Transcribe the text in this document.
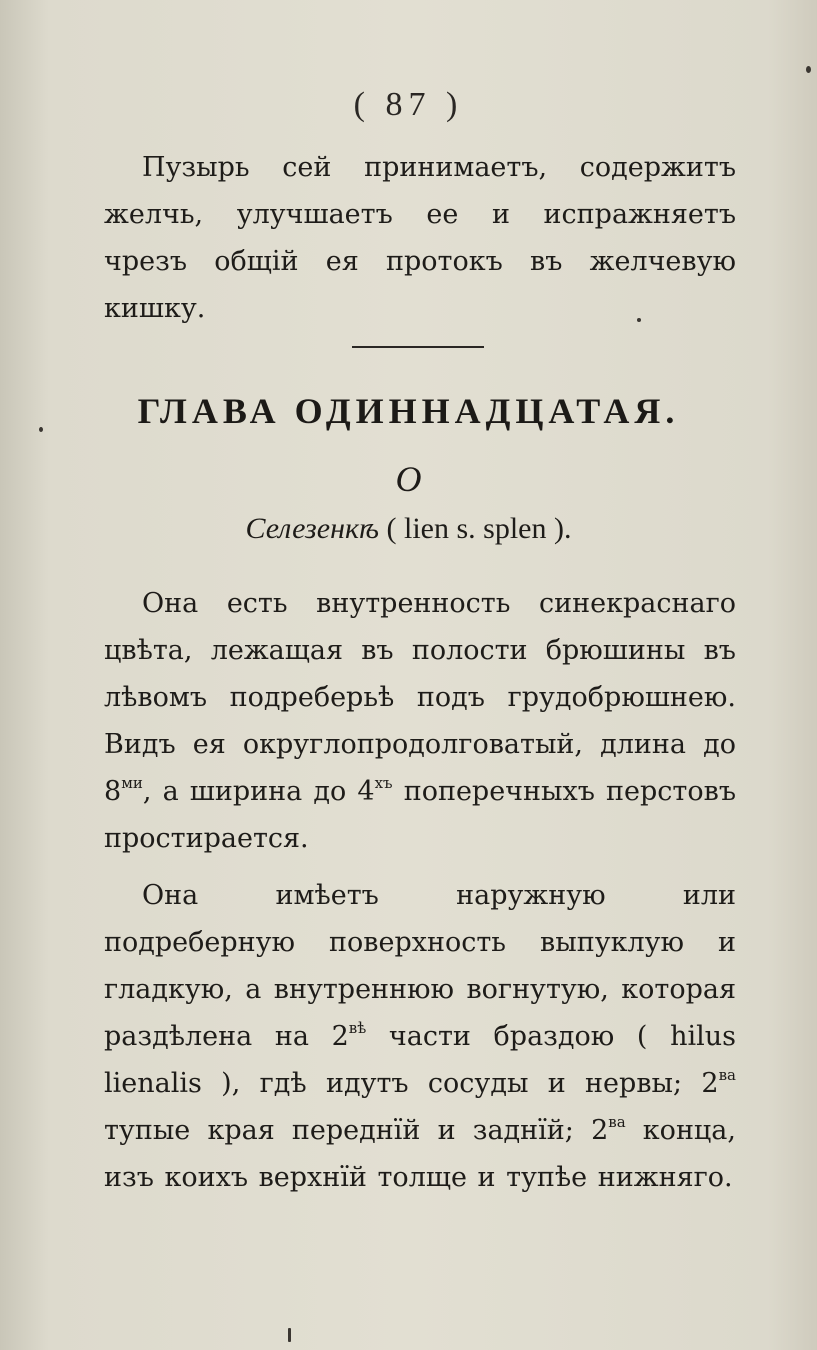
( 87 )

Пузырь сей принимаетъ, содержитъ желчь, улучшаетъ ее и испражняетъ чрезъ общій ея протокъ въ желчевую кишку.

ГЛАВА ОДИННАДЦАТАЯ.
О
Селезенкѣ ( lien s. splen ).

Она есть внутренность синекраснаго цвѣта, лежащая въ полости брюшины въ лѣвомъ подреберьѣ подъ грудобрюшнею. Видъ ея округлопродолговатый, длина до $8^{ми}$, а ширина до $4^{хъ}$ поперечныхъ перстовъ простирается.

Она имѣетъ наружную или подреберную поверхность выпуклую и гладкую, а внутреннюю вогнутую, которая раздѣлена на $2^{вѣ}$ части браздою ( hilus lienalis ), гдѣ идутъ сосуды и нервы; $2^{ва}$ тупые края переднїй и заднїй; $2^{ва}$ конца, изъ коихъ верхнїй толще и тупѣе нижняго.
